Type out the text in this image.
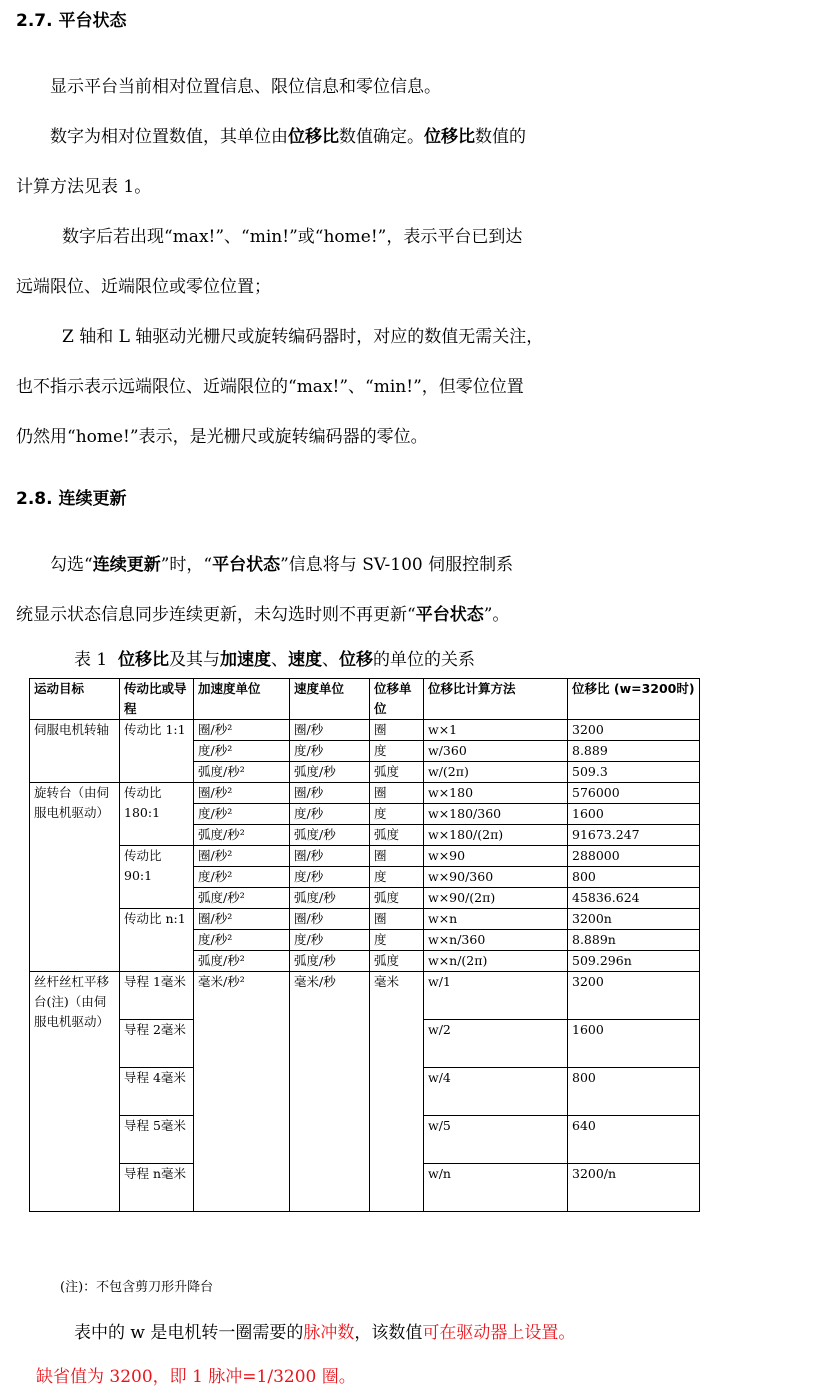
2.7. 平台状态
显示平台当前相对位置信息、限位信息和零位信息。
数字为相对位置数值，其单位由位移比数值确定。位移比数值的
计算方法见表 1。
数字后若出现“max!”、“min!”或“home!”，表示平台已到达
远端限位、近端限位或零位位置；
Z 轴和 L 轴驱动光栅尺或旋转编码器时，对应的数值无需关注，
也不指示表示远端限位、近端限位的“max!”、“min!”，但零位位置
仍然用“home!”表示，是光栅尺或旋转编码器的零位。
2.8. 连续更新
勾选“连续更新”时，“平台状态”信息将与 SV-100 伺服控制系
统显示状态信息同步连续更新，未勾选时则不再更新“平台状态”。
表 1 位移比及其与加速度、速度、位移的单位的关系
运动目标	传动比或导程	加速度单位	速度单位	位移单位	位移比计算方法	位移比 (w=3200时)
伺服电机转轴	传动比 1:1	圈/秒²	圈/秒	圈	w×1	3200
		度/秒²	度/秒	度	w/360	8.889
		弧度/秒²	弧度/秒	弧度	w/(2π)	509.3
旋转台（由伺服电机驱动）	传动比 180:1	圈/秒²	圈/秒	圈	w×180	576000
		度/秒²	度/秒	度	w×180/360	1600
		弧度/秒²	弧度/秒	弧度	w×180/(2π)	91673.247
	传动比 90:1	圈/秒²	圈/秒	圈	w×90	288000
		度/秒²	度/秒	度	w×90/360	800
		弧度/秒²	弧度/秒	弧度	w×90/(2π)	45836.624
	传动比 n:1	圈/秒²	圈/秒	圈	w×n	3200n
		度/秒²	度/秒	度	w×n/360	8.889n
		弧度/秒²	弧度/秒	弧度	w×n/(2π)	509.296n
丝杆丝杠平移台(注)（由伺服电机驱动）	导程 1毫米	毫米/秒²	毫米/秒	毫米	w/1	3200
	导程 2毫米				w/2	1600
	导程 4毫米				w/4	800
	导程 5毫米				w/5	640
	导程 n毫米				w/n	3200/n
(注)：不包含剪刀形升降台
表中的 w 是电机转一圈需要的脉冲数，该数值可在驱动器上设置。
缺省值为 3200，即 1 脉冲=1/3200 圈。
